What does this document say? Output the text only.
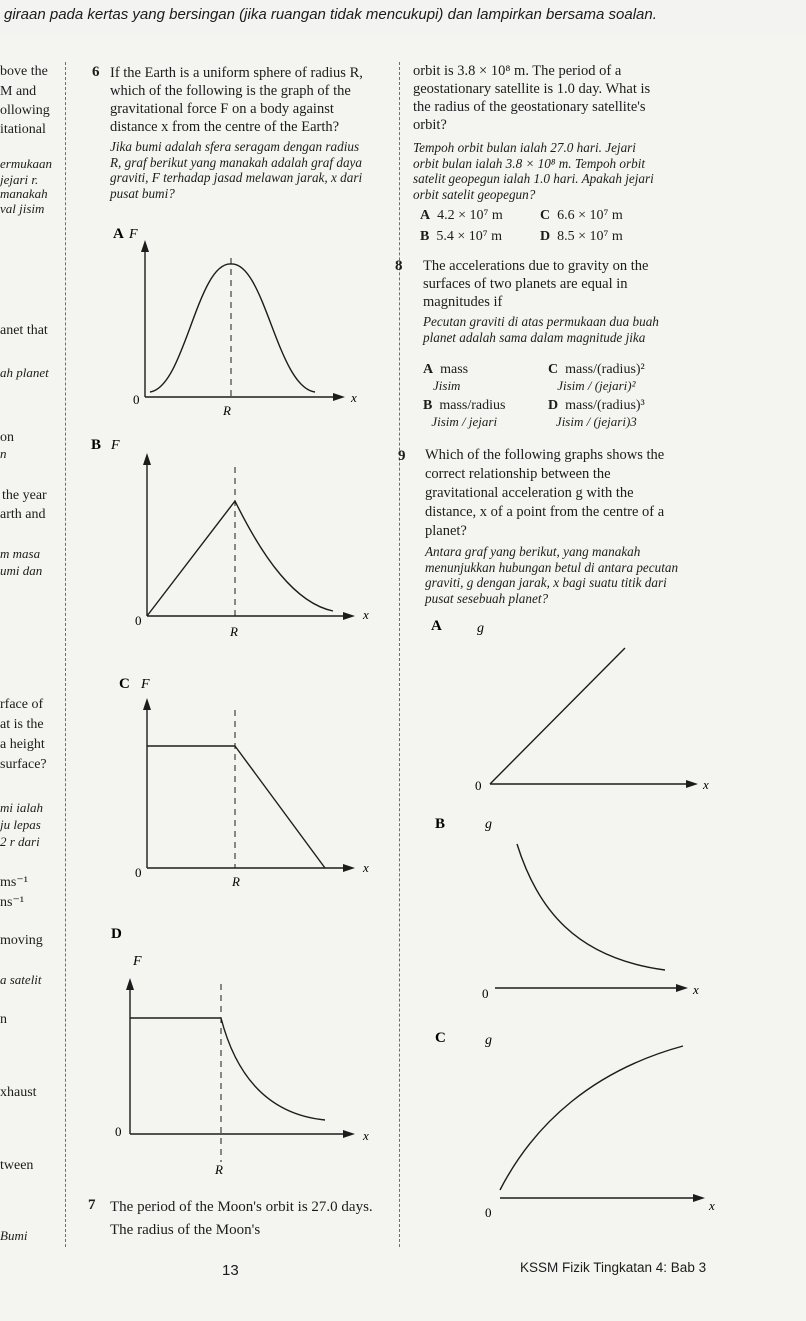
giraan pada kertas yang bersingan (jika ruangan tidak mencukupi) dan lampirkan bersama soalan.
bove the
M and
ollowing
itational
ermukaan
jejari r.
manakah
val jisim
anet that
ah planet
on
n
the year
arth and
m masa
umi dan
rface of
at is the
a height
surface?
mi ialah
ju lepas
2 r dari
ms⁻¹
ns⁻¹
moving
a satelit
n
xhaust
tween
Bumi
6 If the Earth is a uniform sphere of radius R, which of the following is the graph of the gravitational force F on a body against distance x from the centre of the Earth?
Jika bumi adalah sfera seragam dengan radius R, graf berikut yang manakah adalah graf daya graviti, F terhadap jasad melawan jarak, x dari pusat bumi?
A F
0
R
x
B F
0
R
x
C F
0
R
x
D
F
0
R
x
7 The period of the Moon's orbit is 27.0 days. The radius of the Moon's
orbit is 3.8 × 10⁸ m. The period of a geostationary satellite is 1.0 day. What is the radius of the geostationary satellite's orbit?
Tempoh orbit bulan ialah 27.0 hari. Jejari orbit bulan ialah 3.8 × 10⁸ m. Tempoh orbit satelit geopegun ialah 1.0 hari. Apakah jejari orbit satelit geopegun?
A 4.2 × 10⁷ m	C 6.6 × 10⁷ m
B 5.4 × 10⁷ m	D 8.5 × 10⁷ m
8 The accelerations due to gravity on the surfaces of two planets are equal in magnitudes if
Pecutan graviti di atas permukaan dua buah planet adalah sama dalam magnitude jika
A mass
Jisim
C mass/(radius)²
Jisim / (jejari)²
B mass/radius
Jisim / jejari
D mass/(radius)³
Jisim / (jejari)3
9 Which of the following graphs shows the correct relationship between the gravitational acceleration g with the distance, x of a point from the centre of a planet?
Antara graf yang berikut, yang manakah menunjukkan hubungan betul di antara pecutan graviti, g dengan jarak, x bagi suatu titik dari pusat sesebuah planet?
A	g
0	x
B	g
0	x
C	g
0	x
13	KSSM Fizik Tingkatan 4: Bab 3
